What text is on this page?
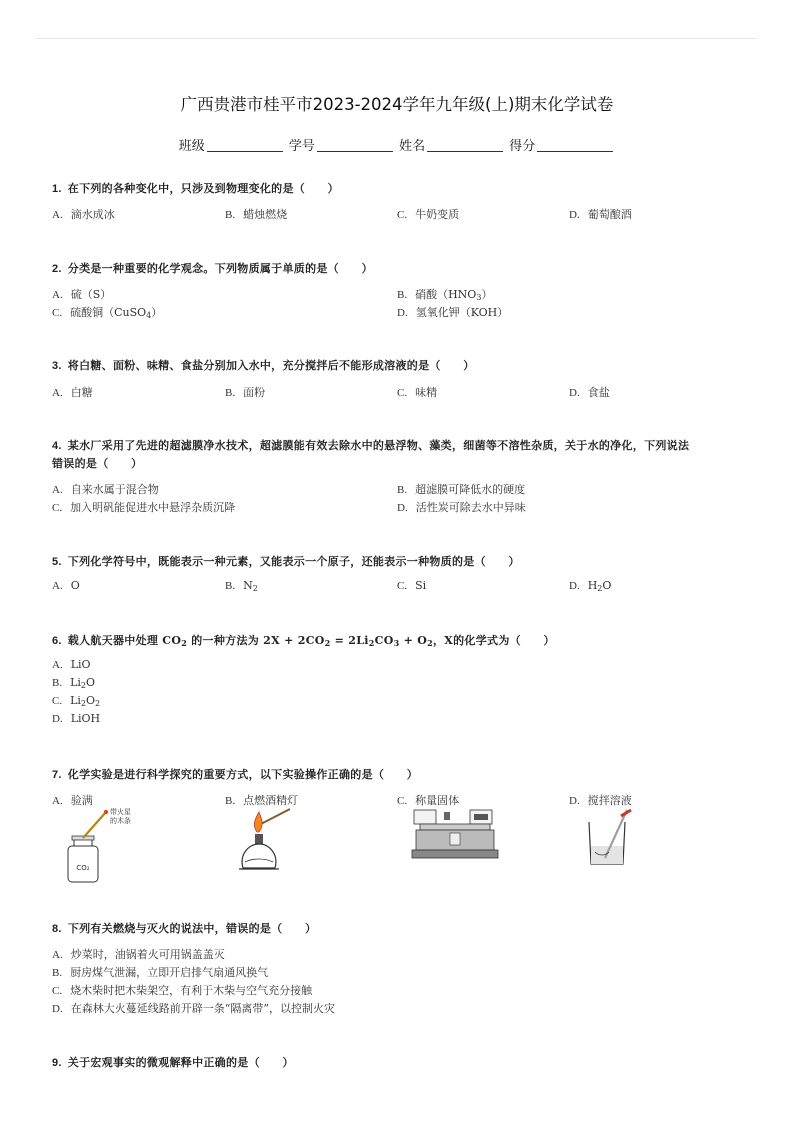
广西贵港市桂平市2023-2024学年九年级(上)期末化学试卷
班级	学号	姓名	得分
1. 在下列的各种变化中，只涉及到物理变化的是（　　）
A. 滴水成冰	B. 蜡烛燃烧	C. 牛奶变质	D. 葡萄酿酒
2. 分类是一种重要的化学观念。下列物质属于单质的是（　　）
A. 硫（S）	B. 硝酸$(HNO_3)$
C. 硫酸铜（CuSO$_4$）	D. 氢氧化钾（KOH）
3. 将白糖、面粉、味精、食盐分别加入水中，充分搅拌后不能形成溶液的是（　　）
A. 白糖	B. 面粉	C. 味精	D. 食盐
4. 某水厂采用了先进的超滤膜净水技术，超滤膜能有效去除水中的悬浮物、藻类，细菌等不溶性杂质，关于水的净化，下列说法
错误的是（　　）
A. 自来水属于混合物	B. 超滤膜可降低水的硬度
C. 加入明矾能促进水中悬浮杂质沉降	D. 活性炭可除去水中异味
5. 下列化学符号中，既能表示一种元素，又能表示一个原子，还能表示一种物质的是（　　）
A. O	B. $N_2$	C. Si	D. $H_2O$
6. 载人航天器中处理 $CO_2$ 的一种方法为 $2X + 2CO_2 = 2Li_2CO_3 + O_2$，X的化学式为（　　）
A. LiO
B. $Li_2O$
C. $Li_2O_2$
D. LiOH
7. 化学实验是进行科学探究的重要方式，以下实验操作正确的是（　　）
A. 验满	B. 点燃酒精灯	C. 称量固体	D. 搅拌溶液
CO₂
带火星
的木条
8. 下列有关燃烧与灭火的说法中，错误的是（　　）
A. 炒菜时，油锅着火可用锅盖盖灭
B. 厨房煤气泄漏，立即开启排气扇通风换气
C. 烧木柴时把木柴架空，有利于木柴与空气充分接触
D. 在森林大火蔓延线路前开辟一条“隔离带”，以控制火灾
9. 关于宏观事实的微观解释中正确的是（　　）
